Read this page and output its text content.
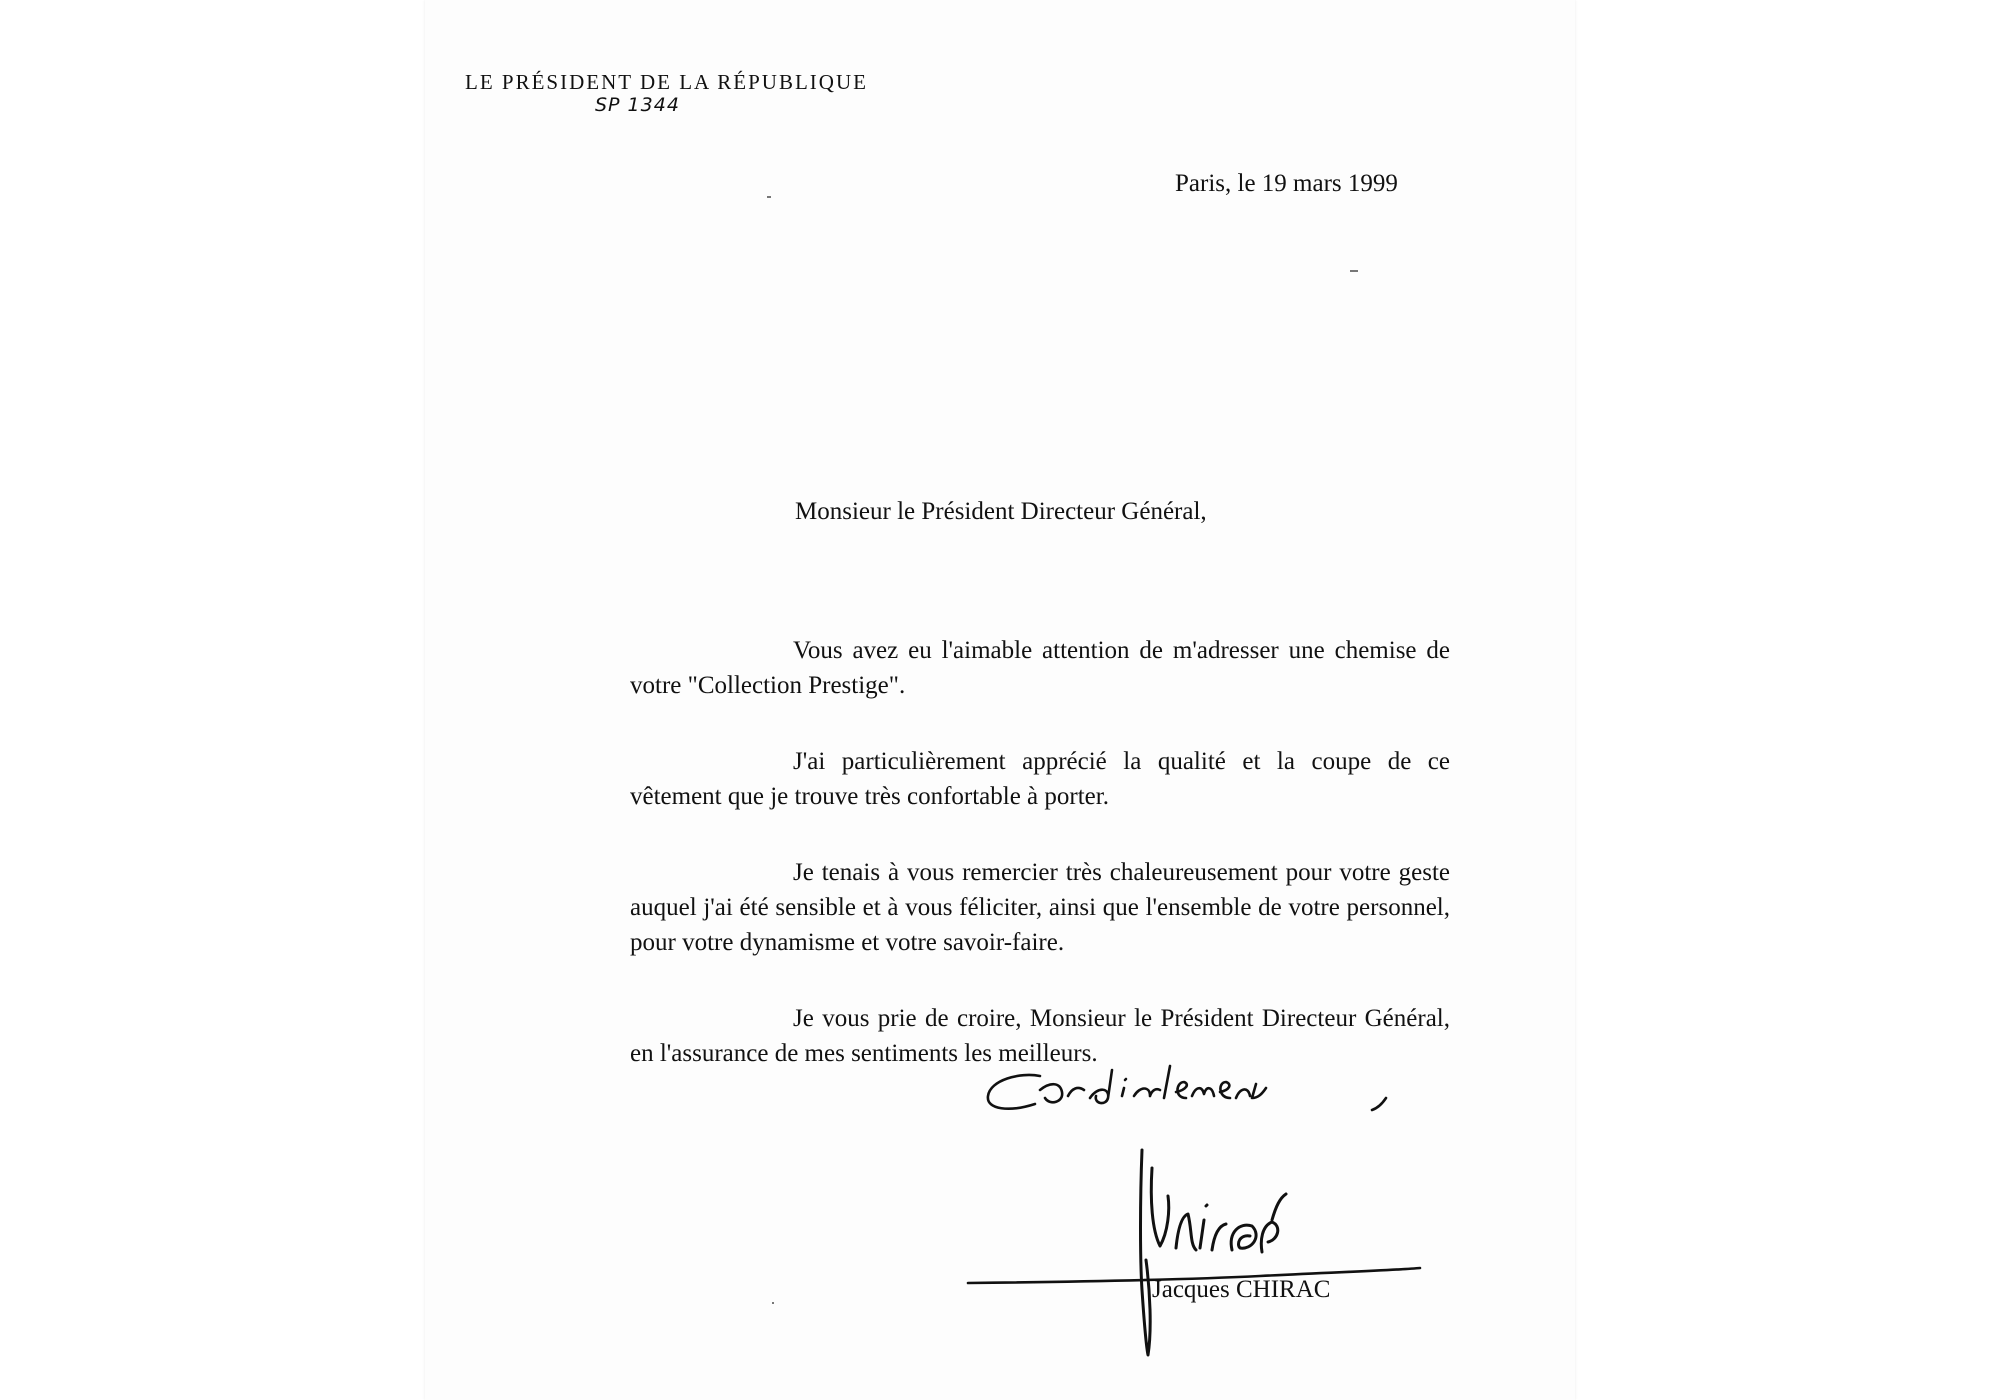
LE PRÉSIDENT DE LA RÉPUBLIQUE
SP 1344
Paris, le 19 mars 1999
Monsieur le Président Directeur Général,

Vous avez eu l'aimable attention de m'adresser une chemise de votre "Collection Prestige".

J'ai particulièrement apprécié la qualité et la coupe de ce vêtement que je trouve très confortable à porter.

Je tenais à vous remercier très chaleureusement pour votre geste auquel j'ai été sensible et à vous féliciter, ainsi que l'ensemble de votre personnel, pour votre dynamisme et votre savoir-faire.

Je vous prie de croire, Monsieur le Président Directeur Général, en l'assurance de mes sentiments les meilleurs.

Jacques CHIRAC
